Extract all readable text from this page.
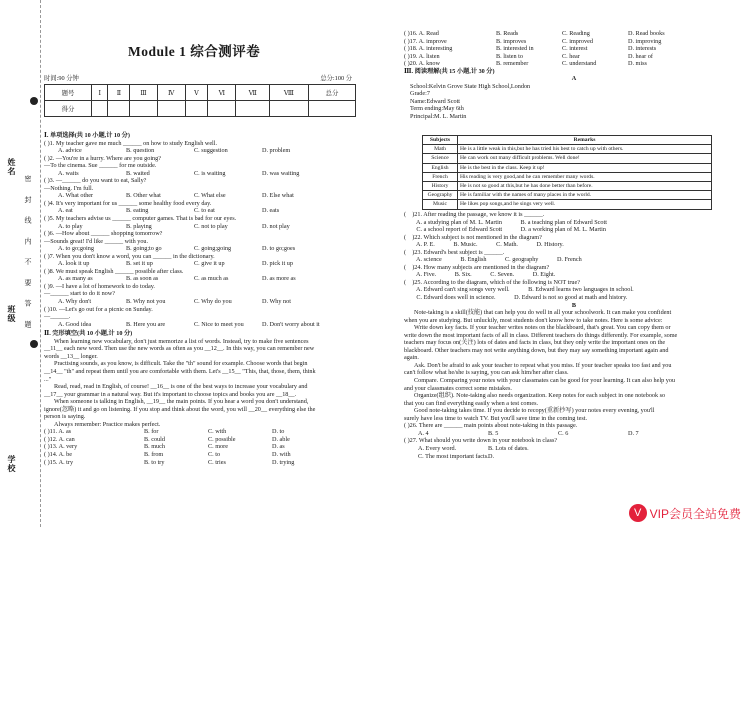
姓名
班级
学校
密 封 线 内 不 要 答 题
Module 1 综合测评卷
时间:90 分钟	总分:100 分
题号	Ⅰ	Ⅱ	Ⅲ	Ⅳ	Ⅴ	Ⅵ	Ⅶ	Ⅷ	总分
得分									
Ⅰ. 单项选择(共 10 小题,计 10 分)
( )1. My teacher gave me much ______ on how to study English well.
A. advice	B. question	C. suggestion	D. problem
( )2. —You're in a hurry. Where are you going?
—To the cinema. Sue ______ for me outside.
A. waits	B. waited	C. is waiting	D. was waiting
( )3. —______ do you want to eat, Sally?
—Nothing. I'm full.
A. What other	B. Other what	C. What else	D. Else what
( )4. It's very important for us ______ some healthy food every day.
A. eat	B. eating	C. to eat	D. eats
( )5. My teachers advise us ______ computer games. That is bad for our eyes.
A. to play	B. playing	C. not to play	D. not play
( )6. —How about ______ shopping tomorrow?
—Sounds great! I'd like ______ with you.
A. to go;going	B. going;to go	C. going;going	D. to go;goes
( )7. When you don't know a word, you can ______ in the dictionary.
A. look it up	B. set it up	C. give it up	D. pick it up
( )8. We must speak English ______ possible after class.
A. as many as	B. as soon as	C. as much as	D. as more as
( )9. —I have a lot of homework to do today.
—______ start to do it now?
A. Why don't	B. Why not you	C. Why do you	D. Why not
( )10. —Let's go out for a picnic on Sunday.
—______.
A. Good idea	B. Here you are	C. Nice to meet you	D. Don't worry about it
Ⅱ. 完形填空(共 10 小题,计 10 分)
When learning new vocabulary, don't just memorize a list of words. Instead, try to make five sentences
__11__ each new word. Then use the new words as often as you __12__. In this way, you can remember new
words __13__ longer.
Practising sounds, as you know, is difficult. Take the "th" sound for example. Choose words that begin
__14__ "th" and repeat them until you are comfortable with them. Let's __15__ "This, that, those, them, think
..."
Read, read, read in English, of course! __16__ is one of the best ways to increase your vocabulary and
__17__ your grammar in a natural way. But it's important to choose topics and books you are __18__.
When someone is talking in English, __19__ the main points. If you hear a word you don't understand,
ignore(忽略) it and go on listening. If you stop and think about the word, you will __20__ everything else the
person is saying.
Always remember: Practice makes perfect.
( )11. A. as	B. for	C. with	D. to
( )12. A. can	B. could	C. possible	D. able
( )13. A. very	B. much	C. more	D. as
( )14. A. be	B. from	C. to	D. with
( )15. A. try	B. to try	C. tries	D. trying
( )16. A. Read	B. Reads	C. Reading	D. Read books
( )17. A. improve	B. improves	C. improved	D. improving
( )18. A. interesting	B. interested in	C. interest	D. interests
( )19. A. listen	B. listen to	C. hear	D. hear of
( )20. A. know	B. remember	C. understand	D. miss
Ⅲ. 阅读理解(共 15 小题,计 30 分)
A
School:Kelvin Grove State High School,London
Grade:7
Name:Edward Scott
Term ending:May 6th
Principal:M. L. Martin
Subjects	Remarks
Math	He is a little weak in this,but he has tried his best to catch up with others.
Science	He can work out many difficult problems. Well done!
English	He is the best in the class. Keep it up!
French	His reading is very good,and he can remember many words.
History	He is not so good at this,but he has done better than before.
Geography	He is familiar with the names of many places in the world.
Music	He likes pop songs,and he sings very well.
(    )21. After reading the passage, we know it is ______.
A. a studying plan of M. L. Martin            B. a teaching plan of Edward Scott
C. a school report of Edward Scott            D. a working plan of M. L. Martin
(    )22. Which subject is not mentioned in the diagram?
A. P. E.            B. Music.            C. Math.            D. History.
(    )23. Edward's best subject is ______.
A. science            B. English            C. geography            D. French
(    )24. How many subjects are mentioned in the diagram?
A. Five.            B. Six.            C. Seven.            D. Eight.
(    )25. According to the diagram, which of the following is NOT true?
A. Edward can't sing songs very well.            B. Edward learns two languages in school.
C. Edward does well in science.            D. Edward is not so good at math and history.
B
Note-taking is a skill(技能) that can help you do well in all your schoolwork. It can make you confident
when you are studying. But unluckily, most students don't know how to take notes. Here is some advice:
Write down key facts. If your teacher writes notes on the blackboard, that's great. You can copy them or
write down the most important facts of all in class. Different teachers do things differently. For example, some
teachers may focus on(关注) lots of dates and facts in class, but they only write the important ones on the
blackboard. Other teachers may not write anything down, but they may say something important again and
again.
Ask. Don't be afraid to ask your teacher to repeat what you miss. If your teacher speaks too fast and you
can't follow what he/she is saying, you can ask him/her after class.
Compare. Comparing your notes with your classmates can be good for your learning. It can also help you
and your classmates correct some mistakes.
Organize(组织). Note-taking also needs organization. Keep notes for each subject in one notebook so
that you can find everything easily when a test comes.
Good note-taking takes time. If you decide to recopy(重新抄写) your notes every evening, you'll
surely have less time to watch TV. But you'll save time in the coming test.
( )26. There are ______ main points about note-taking in this passage.
A. 4	B. 5	C. 6	D. 7
( )27. What should you write down in your notebook in class?
A. Every word.	B. Lots of dates.
C. The most important facts. D.
V VIP会员全站免费
